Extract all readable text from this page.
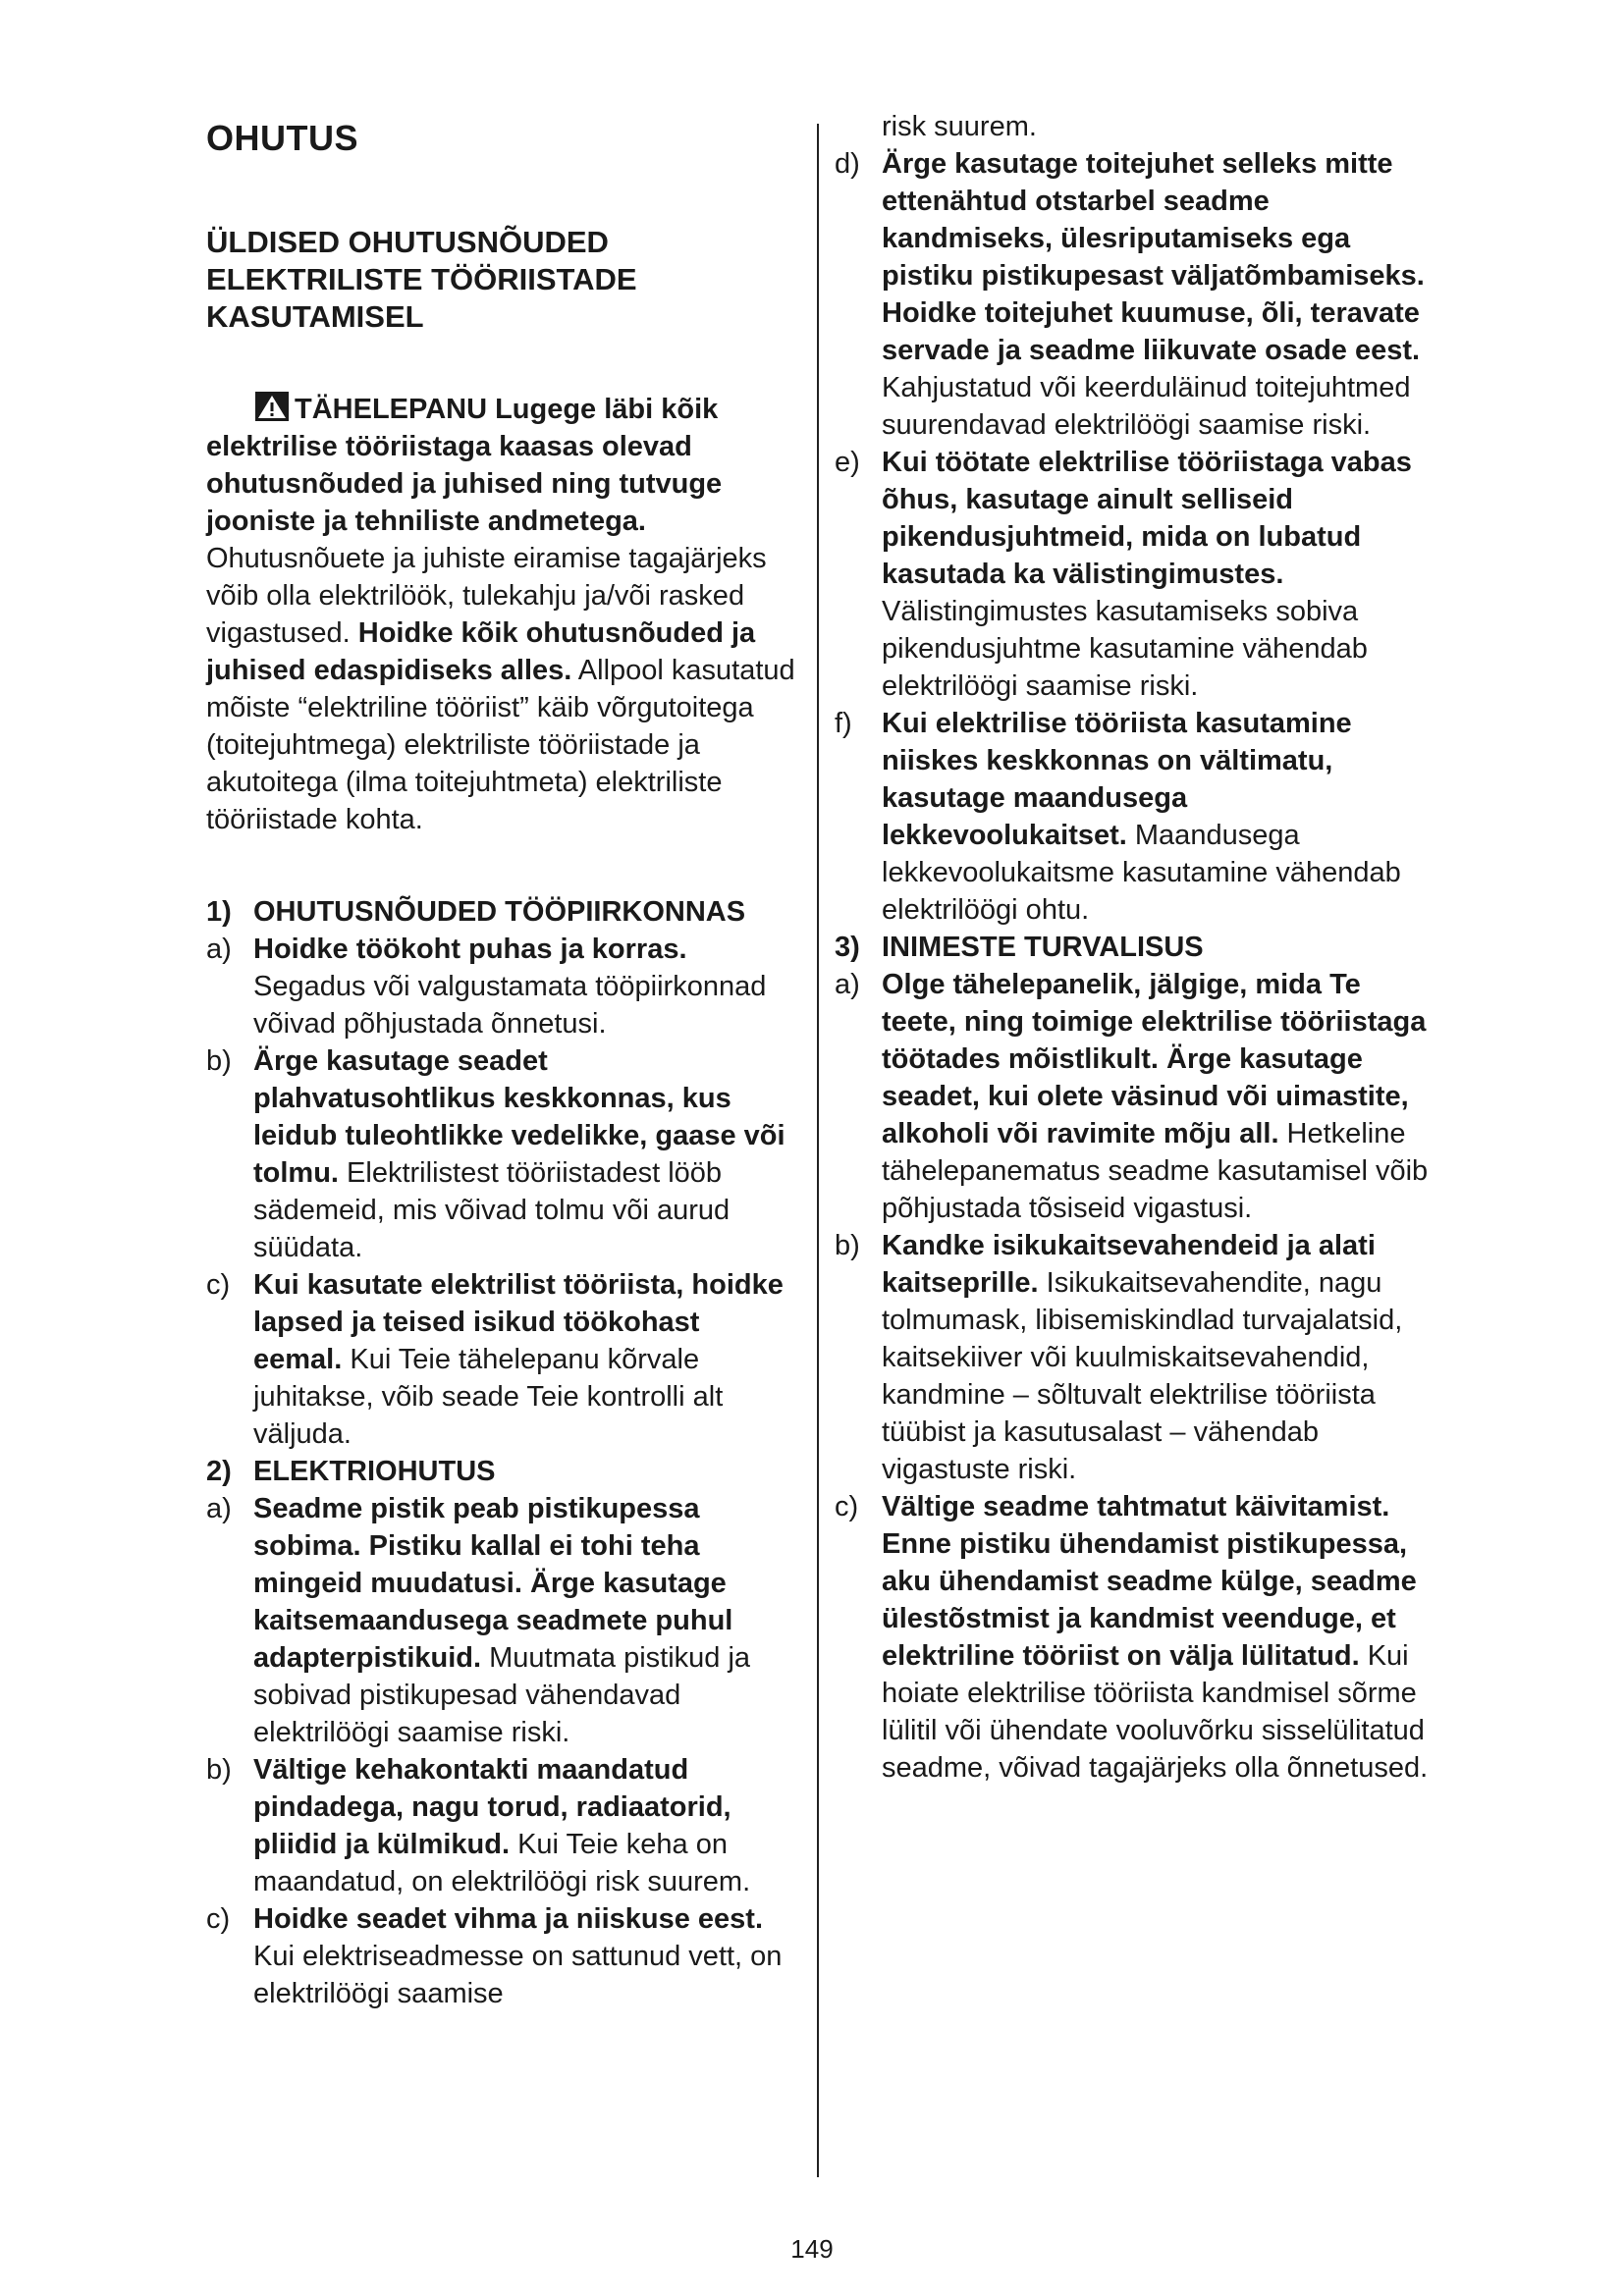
OHUTUS
ÜLDISED OHUTUSNÕUDED ELEKTRILISTE TÖÖRIISTADE KASUTAMISEL

TÄHELEPANU Lugege läbi kõik elektrilise tööriistaga kaasas olevad ohutusnõuded ja juhised ning tutvuge jooniste ja tehniliste andmetega. Ohutusnõuete ja juhiste eiramise tagajärjeks võib olla elektrilöök, tulekahju ja/või rasked vigastused. Hoidke kõik ohutusnõuded ja juhised edaspidiseks alles. Allpool kasutatud mõiste “elektriline tööriist” käib võrgutoitega (toitejuhtmega) elektriliste tööriistade ja akutoitega (ilma toitejuhtmeta) elektriliste tööriistade kohta.

1) OHUTUSNÕUDED TÖÖPIIRKONNAS

a) Hoidke töökoht puhas ja korras. Segadus või valgustamata tööpiirkonnad võivad põhjustada õnnetusi.

b) Ärge kasutage seadet plahvatusohtlikus keskkonnas, kus leidub tuleohtlikke vedelikke, gaase või tolmu. Elektrilistest tööriistadest lööb sädemeid, mis võivad tolmu või aurud süüdata.

c) Kui kasutate elektrilist tööriista, hoidke lapsed ja teised isikud töökohast eemal. Kui Teie tähelepanu kõrvale juhitakse, võib seade Teie kontrolli alt väljuda.

2) ELEKTRIOHUTUS

a) Seadme pistik peab pistikupessa sobima. Pistiku kallal ei tohi teha mingeid muudatusi. Ärge kasutage kaitsemaandusega seadmete puhul adapterpistikuid. Muutmata pistikud ja sobivad pistikupesad vähendavad elektrilöögi saamise riski.

b) Vältige kehakontakti maandatud pindadega, nagu torud, radiaatorid, pliidid ja külmikud. Kui Teie keha on maandatud, on elektrilöögi risk suurem.

c) Hoidke seadet vihma ja niiskuse eest. Kui elektriseadmesse on sattunud vett, on elektrilöögi saamise

risk suurem.

d) Ärge kasutage toitejuhet selleks mitte ettenähtud otstarbel seadme kandmiseks, ülesriputamiseks ega pistiku pistikupesast väljatõmbamiseks. Hoidke toitejuhet kuumuse, õli, teravate servade ja seadme liikuvate osade eest. Kahjustatud või keerduläinud toitejuhtmed suurendavad elektrilöögi saamise riski.

e) Kui töötate elektrilise tööriistaga vabas õhus, kasutage ainult selliseid pikendusjuhtmeid, mida on lubatud kasutada ka välistingimustes. Välistingimustes kasutamiseks sobiva pikendusjuhtme kasutamine vähendab elektrilöögi saamise riski.

f) Kui elektrilise tööriista kasutamine niiskes keskkonnas on vältimatu, kasutage maandusega lekkevoolukaitset. Maandusega lekkevoolukaitsme kasutamine vähendab elektrilöögi ohtu.

3) INIMESTE TURVALISUS

a) Olge tähelepanelik, jälgige, mida Te teete, ning toimige elektrilise tööriistaga töötades mõistlikult. Ärge kasutage seadet, kui olete väsinud või uimastite, alkoholi või ravimite mõju all. Hetkeline tähelepanematus seadme kasutamisel võib põhjustada tõsiseid vigastusi.

b) Kandke isikukaitsevahendeid ja alati kaitseprille. Isikukaitsevahendite, nagu tolmumask, libisemiskindlad turvajalatsid, kaitsekiiver või kuulmiskaitsevahendid, kandmine – sõltuvalt elektrilise tööriista tüübist ja kasutusalast – vähendab vigastuste riski.

c) Vältige seadme tahtmatut käivitamist. Enne pistiku ühendamist pistikupessa, aku ühendamist seadme külge, seadme ülestõstmist ja kandmist veenduge, et elektriline tööriist on välja lülitatud. Kui hoiate elektrilise tööriista kandmisel sõrme lülitil või ühendate vooluvõrku sisselülitatud seadme, võivad tagajärjeks olla õnnetused.

149
